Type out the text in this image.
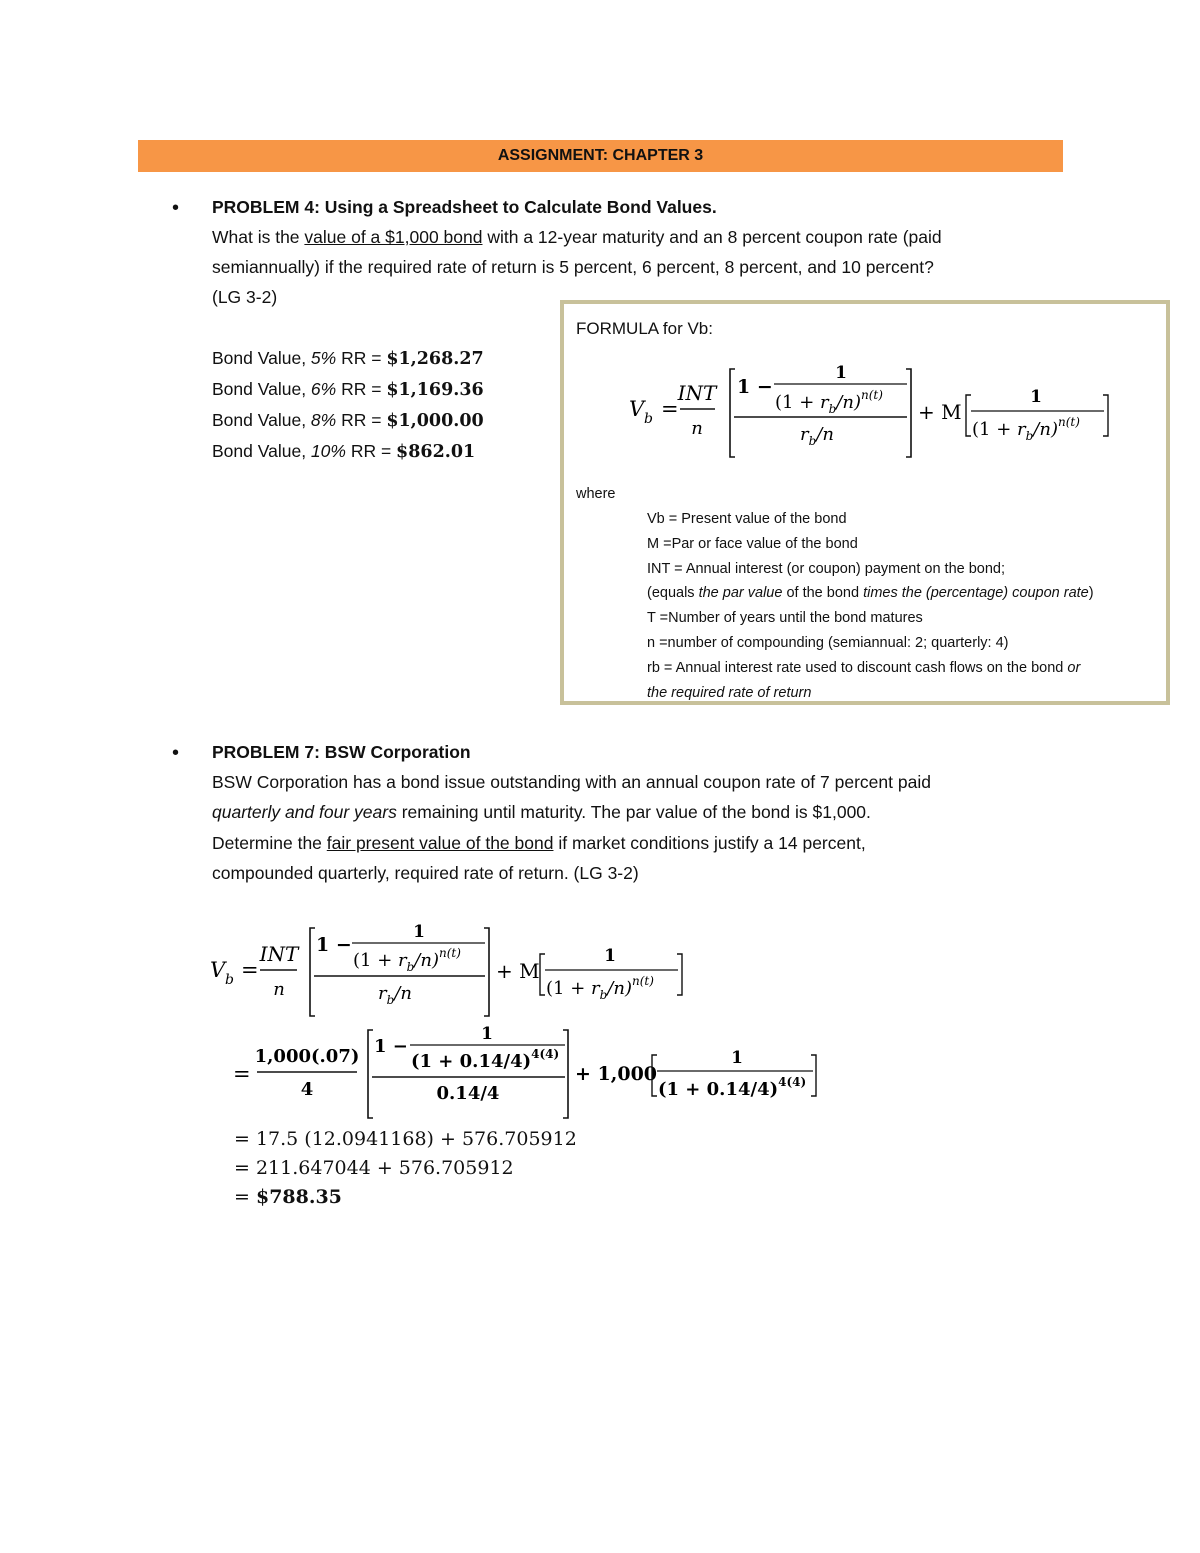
ASSIGNMENT: CHAPTER 3
• PROBLEM 4: Using a Spreadsheet to Calculate Bond Values.
What is the value of a $1,000 bond with a 12-year maturity and an 8 percent coupon rate (paid
semiannually) if the required rate of return is 5 percent, 6 percent, 8 percent, and 10 percent?
(LG 3-2)
Bond Value, 5% RR = $1,268.27
Bond Value, 6% RR = $1,169.36
Bond Value, 8% RR = $1,000.00
Bond Value, 10% RR = $862.01
FORMULA for Vb:
V b =
INT
n
1 −
1
$(1 + r_b/n)^{n(t)}$
$r_b/n$
+ M
1
$(1 + r_b/n)^{n(t)}$
where
Vb = Present value of the bond
M =Par or face value of the bond
INT = Annual interest (or coupon) payment on the bond;
(equals the par value of the bond times the (percentage) coupon rate)
T =Number of years until the bond matures
n =number of compounding (semiannual: 2; quarterly: 4)
rb = Annual interest rate used to discount cash flows on the bond or
the required rate of return
• PROBLEM 7: BSW Corporation
BSW Corporation has a bond issue outstanding with an annual coupon rate of 7 percent paid
quarterly and four years remaining until maturity. The par value of the bond is $1,000.
Determine the fair present value of the bond if market conditions justify a 14 percent,
compounded quarterly, required rate of return. (LG 3-2)
V b =
INT
n
1 −
1
$(1 + r_b/n)^{n(t)}$
$r_b/n$
+ M
1
$(1 + r_b/n)^{n(t)}$
=
1,000(.07)
4
1 −
1
$(1 + 0.14/4)^{4(4)}$
0.14/4
+ 1,000
1
$(1 + 0.14/4)^{4(4)}$
= 17.5 (12.0941168) + 576.705912
= 211.647044 + 576.705912
= $788.35
